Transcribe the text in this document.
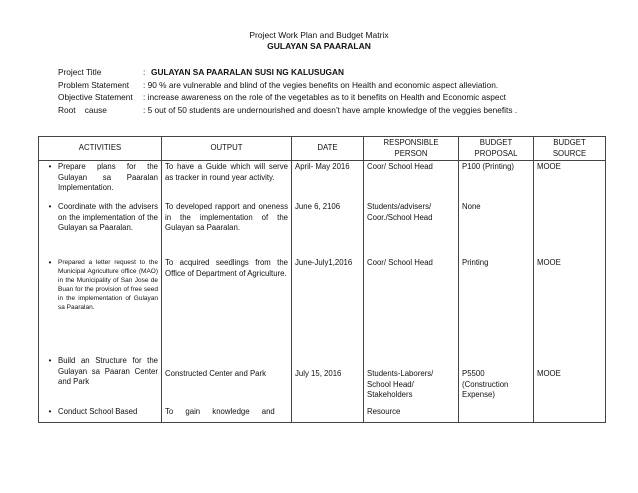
Project Work Plan and Budget Matrix
GULAYAN SA PAARALAN
Project Title	: GULAYAN SA PAARALAN SUSI NG KALUSUGAN
Problem Statement	: 90 % are vulnerable and blind of the vegies benefits on Health and economic aspect alleviation.
Objective Statement	: increase awareness on the role of the vegetables as to it benefits on Health and Economic aspect
Root    cause	: 5 out of 50 students are undernourished and doesn’t have ample knowledge of the veggies benefits .
ACTIVITIES	OUTPUT	DATE	RESPONSIBLE PERSON	BUDGET PROPOSAL	BUDGET SOURCE

• Prepare plans for the Gulayan sa Paaralan Implementation.	To have a Guide which will serve as tracker in round year activity.	April- May 2016	Coor/ School Head	P100 (Printing)	MOOE

• Coordinate with the advisers on the implementation of the Gulayan sa Paaralan.	To developed rapport and oneness in the implementation of the Gulayan sa Paaralan.	June 6, 2106	Students/advisers/ Coor./School Head	None	

• Prepared a letter request to the Municipal Agriculture office (MAO) in the Municipality of San Jose de Buan for the provision of free seed in the implementation of Gulayan sa Paaralan.	To acquired seedlings from the Office of Department of Agriculture.	June-July1,2016	Coor/ School Head	Printing	MOOE

• Build an Structure for the Gulayan sa Paaran Center and Park	Constructed Center and Park	July 15, 2016	Students-Laborers/ School Head/ Stakeholders	P5500 (Construction Expense)	MOOE

• Conduct School Based	To gain knowledge and		Resource		
